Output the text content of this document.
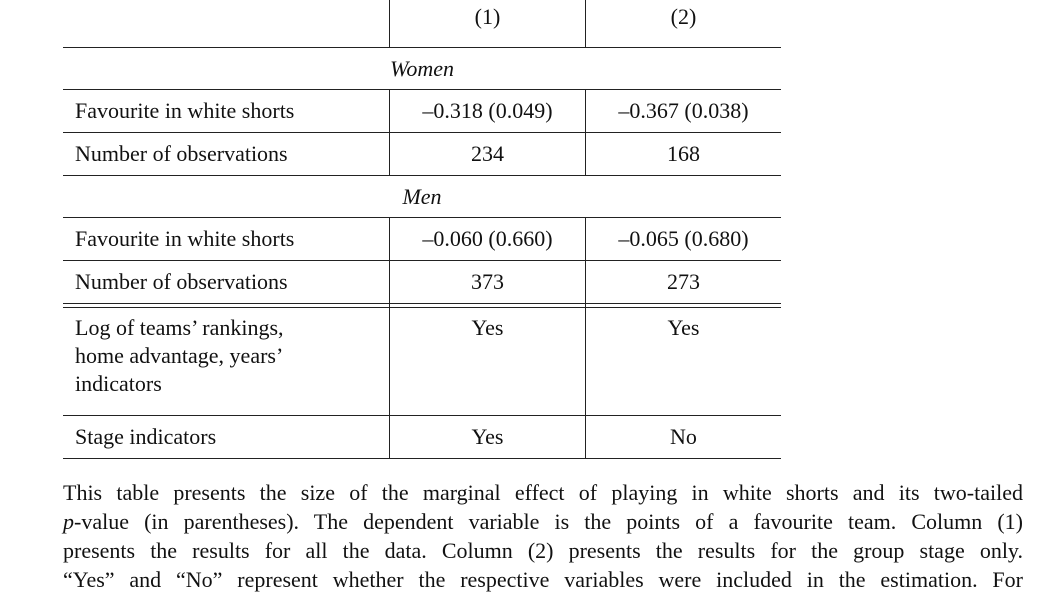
	(1)	(2)
Women		
Favourite in white shorts	–0.318 (0.049)	–0.367 (0.038)
Number of observations	234	168
Men		
Favourite in white shorts	–0.060 (0.660)	–0.065 (0.680)
Number of observations	373	273

Log of teams’ rankings,
home advantage, years’
indicators	Yes	Yes
Stage indicators	Yes	No
This table presents the size of the marginal effect of playing in white shorts and its two-tailed
p-value (in parentheses). The dependent variable is the points of a favourite team. Column (1)
presents the results for all the data. Column (2) presents the results for the group stage only.
“Yes” and “No” represent whether the respective variables were included in the estimation. For
